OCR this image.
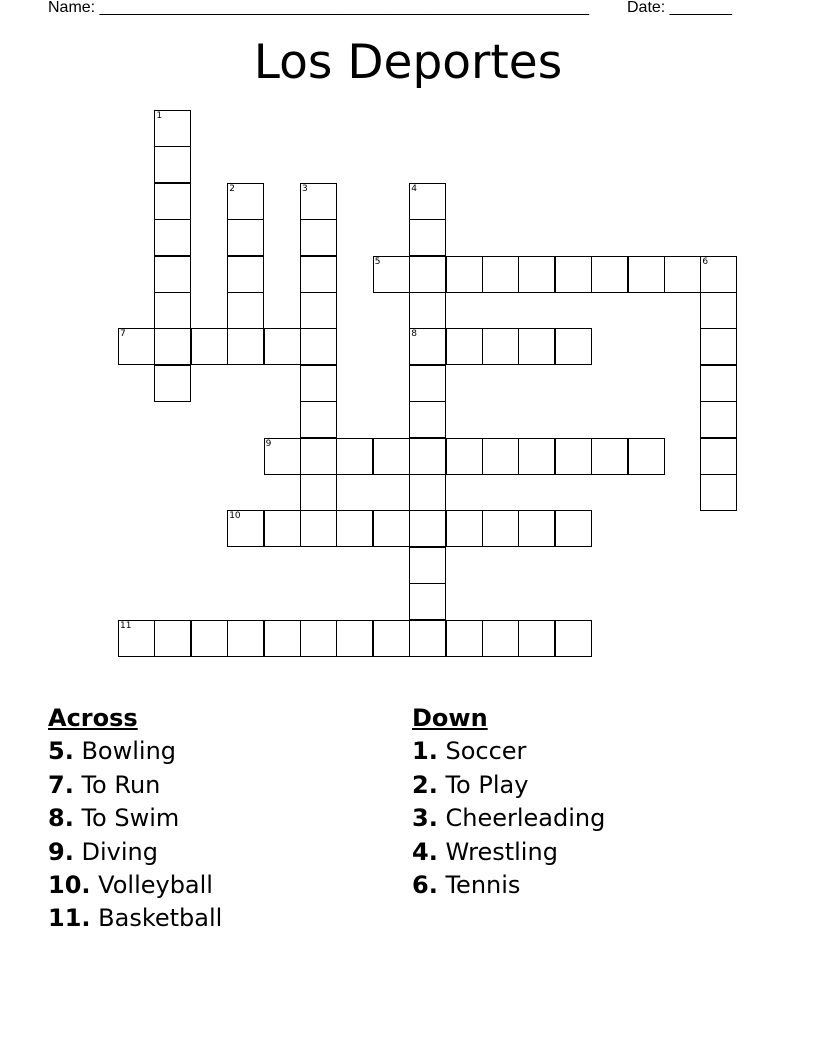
Name: _______________________________________________________ Date: _______
Los Deportes
1
2	3	4
8
5	6
7
9
10
11
Across
5. Bowling
7. To Run
8. To Swim
9. Diving
10. Volleyball
11. Basketball
Down
1. Soccer
2. To Play
3. Cheerleading
4. Wrestling
6. Tennis
